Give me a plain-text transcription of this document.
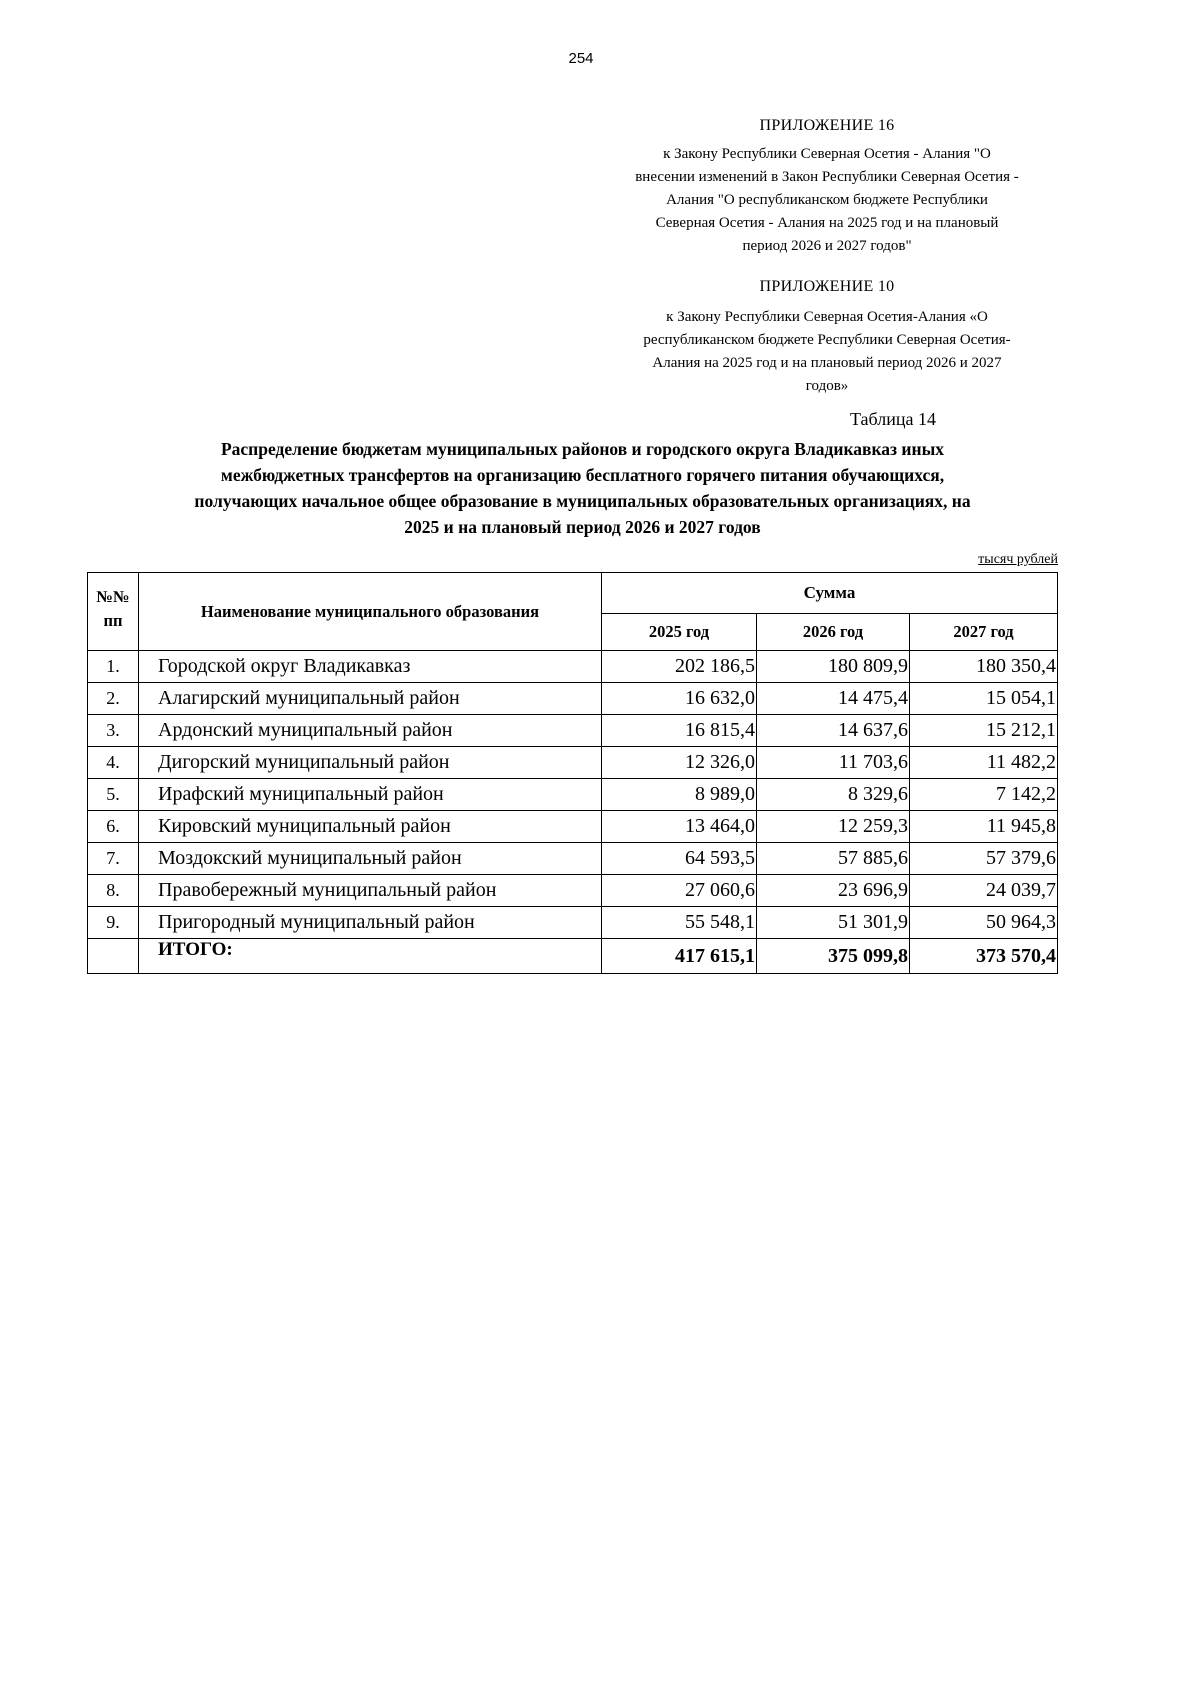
254
ПРИЛОЖЕНИЕ 16
к Закону Республики Северная Осетия - Алания "О
внесении изменений в Закон Республики Северная Осетия -
Алания "О республиканском бюджете Республики
Северная Осетия - Алания на 2025 год и на плановый
период 2026 и 2027 годов"
ПРИЛОЖЕНИЕ 10
к Закону Республики Северная Осетия-Алания «О
республиканском бюджете Республики Северная Осетия-
Алания на 2025 год и на плановый период 2026 и 2027
годов»
Таблица 14
Распределение бюджетам муниципальных районов и городского округа Владикавказ иных
межбюджетных трансфертов на организацию бесплатного горячего питания обучающихся,
получающих начальное общее образование в муниципальных образовательных организациях, на
2025 и на плановый период 2026 и 2027 годов
тысяч рублей
№№
пп	Наименование муниципального образования	Сумма		
		2025 год	2026 год	2027 год
1.	Городской округ Владикавказ	202 186,5	180 809,9	180 350,4
2.	Алагирский муниципальный район	16 632,0	14 475,4	15 054,1
3.	Ардонский муниципальный район	16 815,4	14 637,6	15 212,1
4.	Дигорский муниципальный район	12 326,0	11 703,6	11 482,2
5.	Ирафский муниципальный район	8 989,0	8 329,6	7 142,2
6.	Кировский муниципальный район	13 464,0	12 259,3	11 945,8
7.	Моздокский муниципальный район	64 593,5	57 885,6	57 379,6
8.	Правобережный муниципальный район	27 060,6	23 696,9	24 039,7
9.	Пригородный муниципальный район	55 548,1	51 301,9	50 964,3
	ИТОГО:	417 615,1	375 099,8	373 570,4
